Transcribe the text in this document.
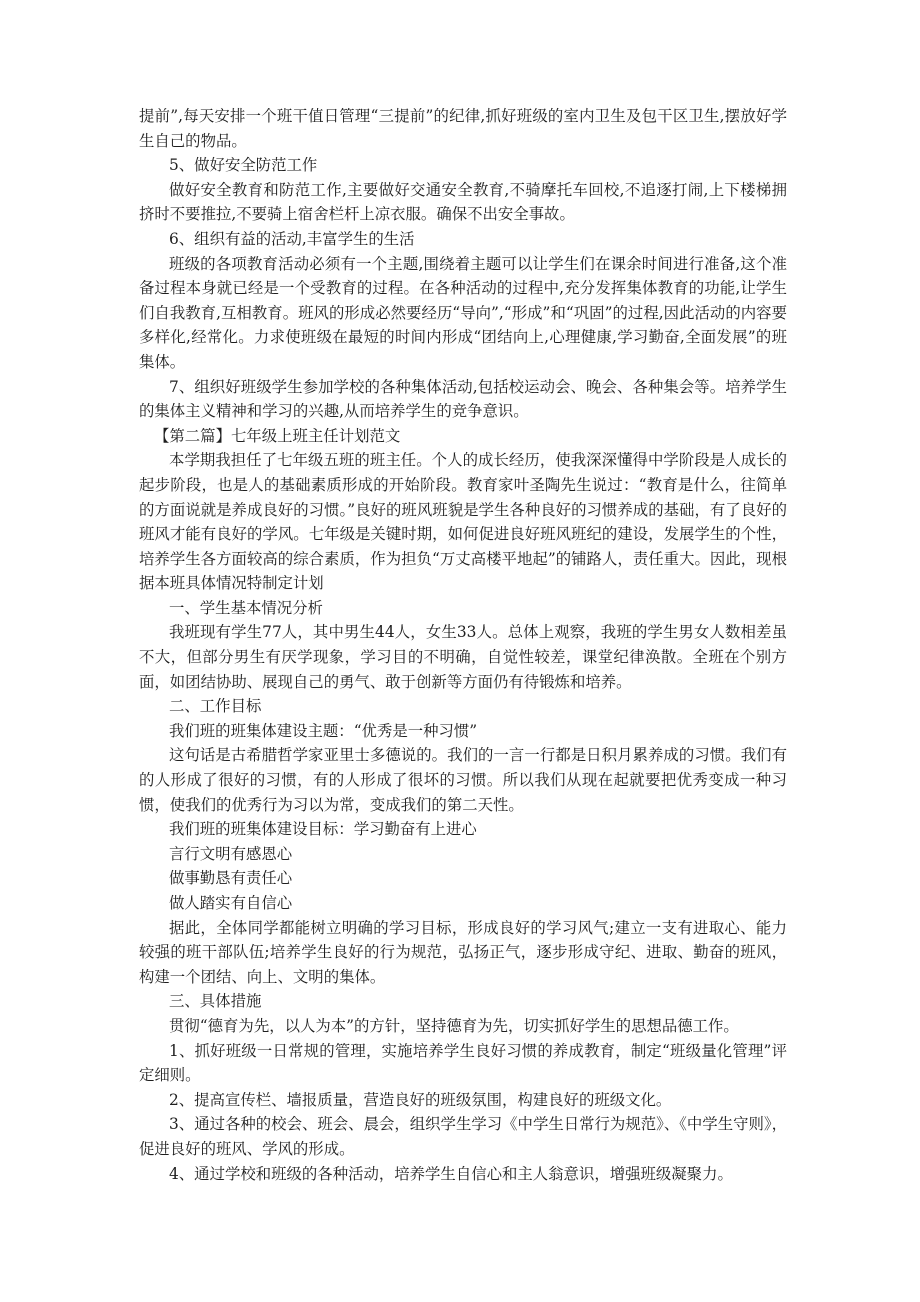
提前”,每天安排一个班干值日管理“三提前”的纪律,抓好班级的室内卫生及包干区卫生,摆放好学生自己的物品。

5、做好安全防范工作

做好安全教育和防范工作,主要做好交通安全教育,不骑摩托车回校,不追逐打闹,上下楼梯拥挤时不要推拉,不要骑上宿舍栏杆上凉衣服。确保不出安全事故。

6、组织有益的活动,丰富学生的生活

班级的各项教育活动必须有一个主题,围绕着主题可以让学生们在课余时间进行准备,这个准备过程本身就已经是一个受教育的过程。在各种活动的过程中,充分发挥集体教育的功能,让学生们自我教育,互相教育。班风的形成必然要经历“导向”,“形成”和“巩固”的过程,因此活动的内容要多样化,经常化。力求使班级在最短的时间内形成“团结向上,心理健康,学习勤奋,全面发展”的班集体。

7、组织好班级学生参加学校的各种集体活动,包括校运动会、晚会、各种集会等。培养学生的集体主义精神和学习的兴趣,从而培养学生的竞争意识。

【第二篇】七年级上班主任计划范文

本学期我担任了七年级五班的班主任。个人的成长经历，使我深深懂得中学阶段是人成长的起步阶段，也是人的基础素质形成的开始阶段。教育家叶圣陶先生说过：“教育是什么，往简单的方面说就是养成良好的习惯。”良好的班风班貌是学生各种良好的习惯养成的基础，有了良好的班风才能有良好的学风。七年级是关键时期，如何促进良好班风班纪的建设，发展学生的个性，培养学生各方面较高的综合素质，作为担负“万丈高楼平地起”的铺路人，责任重大。因此，现根据本班具体情况特制定计划

一、学生基本情况分析

我班现有学生77人，其中男生44人，女生33人。总体上观察，我班的学生男女人数相差虽不大，但部分男生有厌学现象，学习目的不明确，自觉性较差，课堂纪律涣散。全班在个别方面，如团结协助、展现自己的勇气、敢于创新等方面仍有待锻炼和培养。

二、工作目标

我们班的班集体建设主题：“优秀是一种习惯”

这句话是古希腊哲学家亚里士多德说的。我们的一言一行都是日积月累养成的习惯。我们有的人形成了很好的习惯，有的人形成了很坏的习惯。所以我们从现在起就要把优秀变成一种习惯，使我们的优秀行为习以为常，变成我们的第二天性。

我们班的班集体建设目标：学习勤奋有上进心

言行文明有感恩心

做事勤恳有责任心

做人踏实有自信心

据此，全体同学都能树立明确的学习目标，形成良好的学习风气;建立一支有进取心、能力较强的班干部队伍;培养学生良好的行为规范，弘扬正气，逐步形成守纪、进取、勤奋的班风，构建一个团结、向上、文明的集体。

三、具体措施

贯彻“德育为先，以人为本”的方针，坚持德育为先，切实抓好学生的思想品德工作。

1、抓好班级一日常规的管理，实施培养学生良好习惯的养成教育，制定“班级量化管理”评定细则。

2、提高宣传栏、墙报质量，营造良好的班级氛围，构建良好的班级文化。

3、通过各种的校会、班会、晨会，组织学生学习《中学生日常行为规范》、《中学生守则》，促进良好的班风、学风的形成。

4、通过学校和班级的各种活动，培养学生自信心和主人翁意识，增强班级凝聚力。
